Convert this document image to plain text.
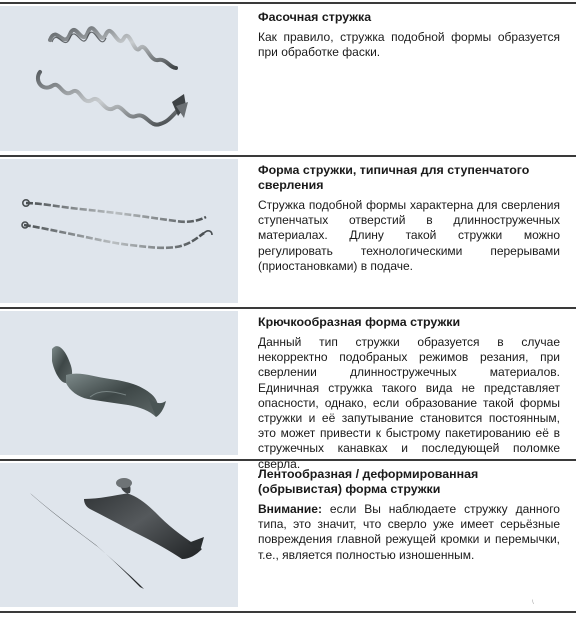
Фасочная стружка

Как правило, стружка подобной формы образуется при обработке фаски.

Форма стружки, типичная для ступенчатого сверления

Стружка подобной формы характерна для сверления ступенчатых отверстий в длинностружечных материалах. Длину такой стружки можно регулировать технологическими перерывами (приостановками) в подаче.

Крючкообразная форма стружки

Данный тип стружки образуется в случае некорректно подобраных режимов резания, при сверлении длинностружечных материалов. Единичная стружка такого вида не представляет опасности, однако, если образование такой формы стружки и её запутывание становится постоянным, это может привести к быстрому пакетированию её в стружечных канавках и последующей поломке сверла.

Лентообразная / деформированная (обрывистая) форма стружки

Внимание: если Вы наблюдаете стружку данного типа, это значит, что сверло уже имеет серьёзные повреждения главной режущей кромки и перемычки, т.е., является полностью изношенным.

\
